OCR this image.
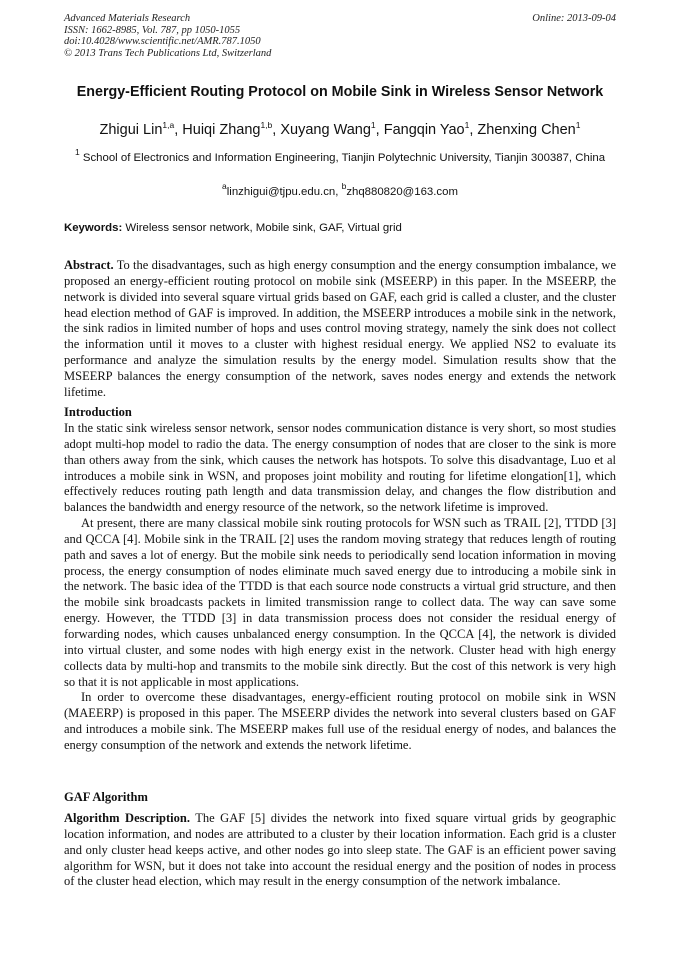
Advanced Materials Research
ISSN: 1662-8985, Vol. 787, pp 1050-1055
doi:10.4028/www.scientific.net/AMR.787.1050
© 2013 Trans Tech Publications Ltd, Switzerland
Online: 2013-09-04
Energy-Efficient Routing Protocol on Mobile Sink in Wireless Sensor Network
Zhigui Lin$^{1,a}$, Huiqi Zhang$^{1,b}$, Xuyang Wang$^1$, Fangqin Yao$^1$, Zhenxing Chen$^1$
$^1$ School of Electronics and Information Engineering, Tianjin Polytechnic University, Tianjin 300387, China
$^a$linzhigui@tjpu.edu.cn, $^b$zhq880820@163.com
Keywords: Wireless sensor network, Mobile sink, GAF, Virtual grid

Abstract. To the disadvantages, such as high energy consumption and the energy consumption imbalance, we proposed an energy-efficient routing protocol on mobile sink (MSEERP) in this paper. In the MSEERP, the network is divided into several square virtual grids based on GAF, each grid is called a cluster, and the cluster head election method of GAF is improved. In addition, the MSEERP introduces a mobile sink in the network, the sink radios in limited number of hops and uses control moving strategy, namely the sink does not collect the information until it moves to a cluster with highest residual energy. We applied NS2 to evaluate its performance and analyze the simulation results by the energy model. Simulation results show that the MSEERP balances the energy consumption of the network, saves nodes energy and extends the network lifetime.

Introduction

In the static sink wireless sensor network, sensor nodes communication distance is very short, so most studies adopt multi-hop model to radio the data. The energy consumption of nodes that are closer to the sink is more than others away from the sink, which causes the network has hotspots. To solve this disadvantage, Luo et al introduces a mobile sink in WSN, and proposes joint mobility and routing for lifetime elongation[1], which effectively reduces routing path length and data transmission delay, and changes the flow distribution and balances the bandwidth and energy resource of the network, so the network lifetime is improved.

At present, there are many classical mobile sink routing protocols for WSN such as TRAIL [2], TTDD [3] and QCCA [4]. Mobile sink in the TRAIL [2] uses the random moving strategy that reduces length of routing path and saves a lot of energy. But the mobile sink needs to periodically send location information in moving process, the energy consumption of nodes eliminate much saved energy due to introducing a mobile sink in the network. The basic idea of the TTDD is that each source node constructs a virtual grid structure, and then the mobile sink broadcasts packets in limited transmission range to collect data. The way can save some energy. However, the TTDD [3] in data transmission process does not consider the residual energy of forwarding nodes, which causes unbalanced energy consumption. In the QCCA [4], the network is divided into virtual cluster, and some nodes with high energy exist in the network. Cluster head with high energy collects data by multi-hop and transmits to the mobile sink directly. But the cost of this network is very high so that it is not applicable in most applications.

In order to overcome these disadvantages, energy-efficient routing protocol on mobile sink in WSN (MAEERP) is proposed in this paper. The MSEERP divides the network into several clusters based on GAF and introduces a mobile sink. The MSEERP makes full use of the residual energy of nodes, and balances the energy consumption of the network and extends the network lifetime.

GAF Algorithm

Algorithm Description. The GAF [5] divides the network into fixed square virtual grids by geographic location information, and nodes are attributed to a cluster by their location information. Each grid is a cluster and only cluster head keeps active, and other nodes go into sleep state. The GAF is an efficient power saving algorithm for WSN, but it does not take into account the residual energy and the position of nodes in process of the cluster head election, which may result in the energy consumption of the network imbalance.
